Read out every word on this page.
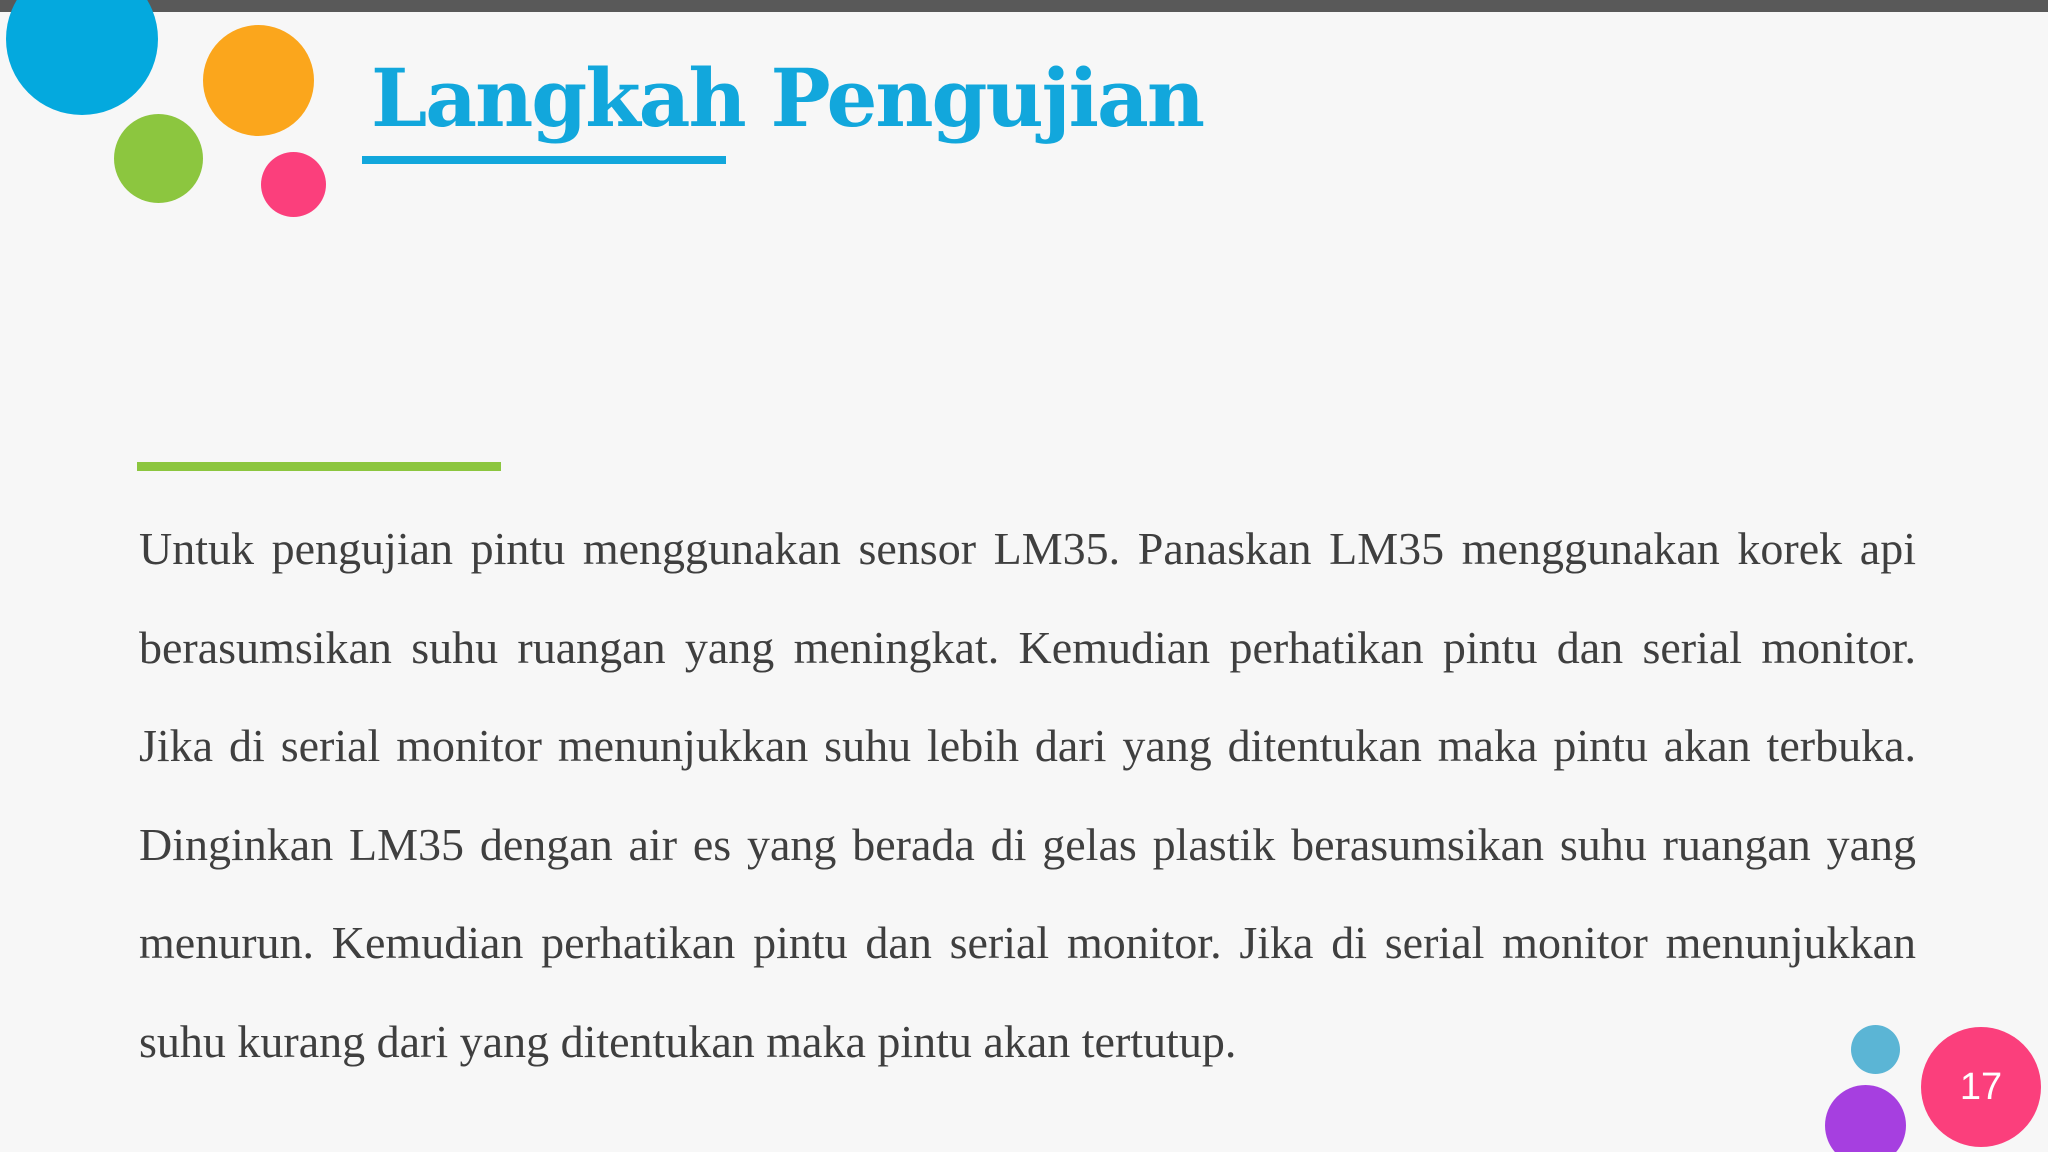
Langkah Pengujian

Untuk pengujian pintu menggunakan sensor LM35. Panaskan LM35 menggunakan korek api berasumsikan suhu ruangan yang meningkat. Kemudian perhatikan pintu dan serial monitor. Jika di serial monitor menunjukkan suhu lebih dari yang ditentukan maka pintu akan terbuka. Dinginkan LM35 dengan air es yang berada di gelas plastik berasumsikan suhu ruangan yang menurun. Kemudian perhatikan pintu dan serial monitor. Jika di serial monitor menunjukkan suhu kurang dari yang ditentukan maka pintu akan tertutup.

17
